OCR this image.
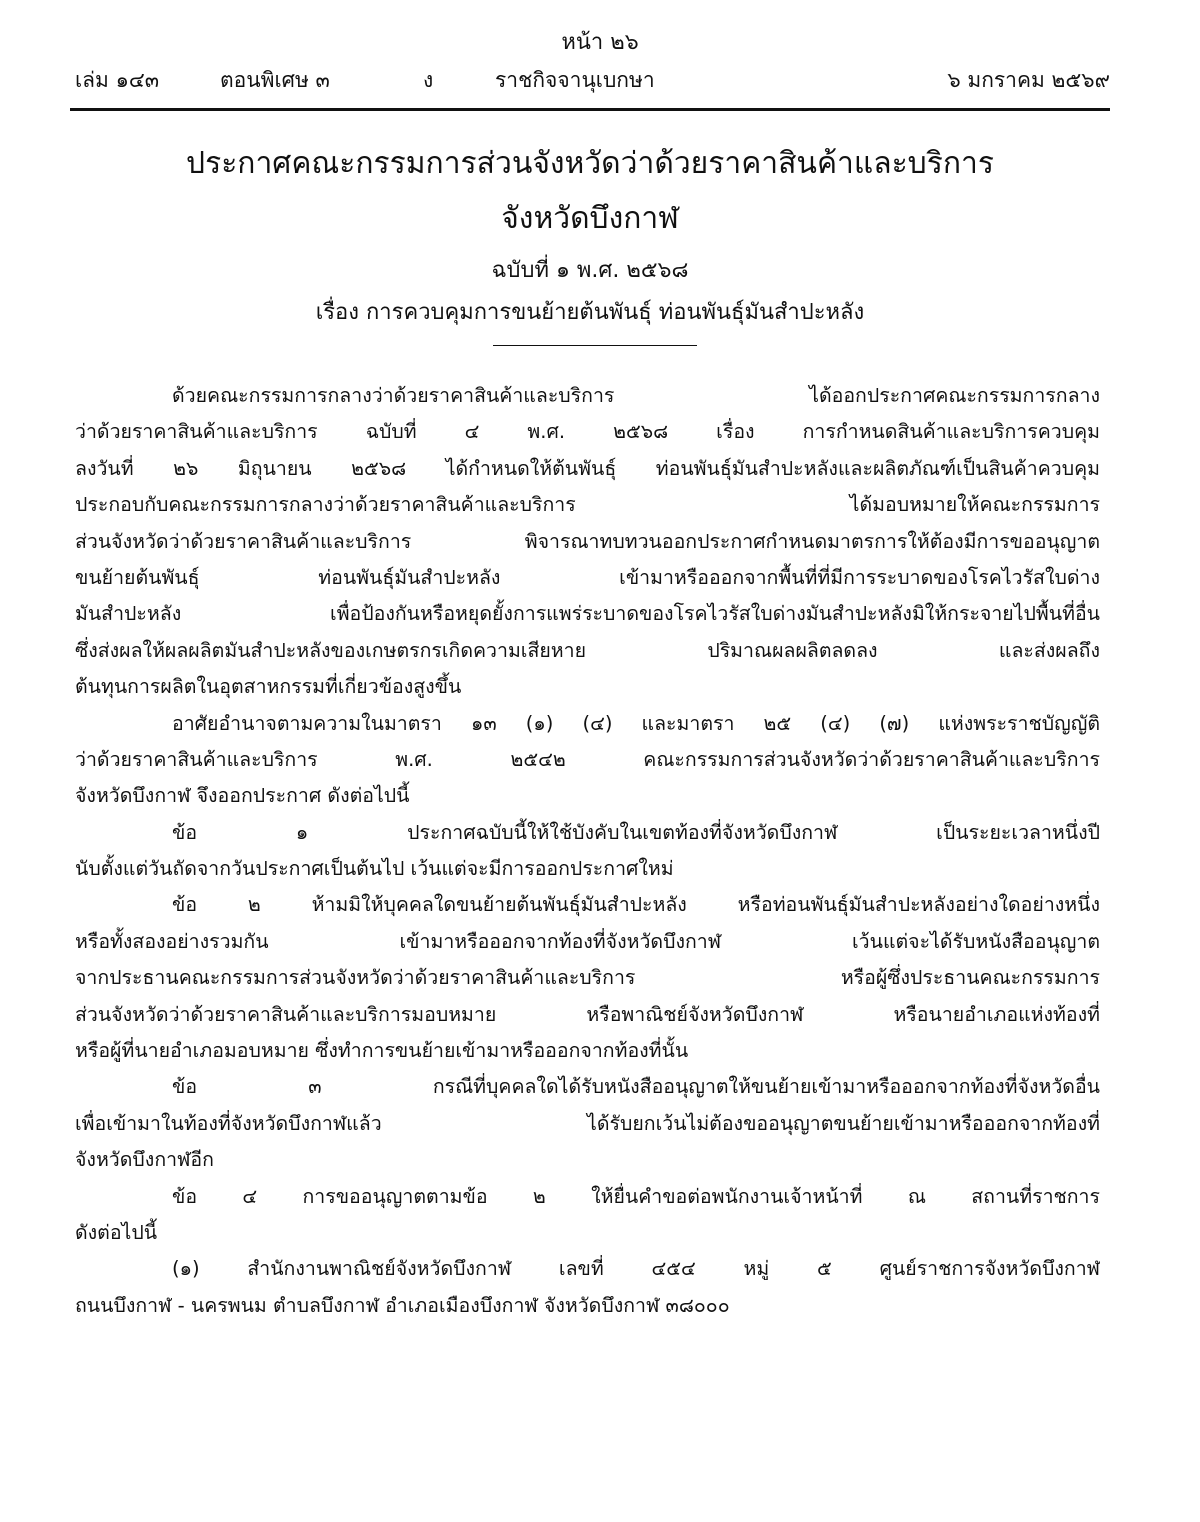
หน้า ๒๖
เล่ม ๑๔๓	ตอนพิเศษ ๓	ง	ราชกิจจานุเบกษา	๖ มกราคม ๒๕๖๙
ประกาศคณะกรรมการส่วนจังหวัดว่าด้วยราคาสินค้าและบริการ
จังหวัดบึงกาฬ
ฉบับที่ ๑ พ.ศ. ๒๕๖๘
เรื่อง การควบคุมการขนย้ายต้นพันธุ์ ท่อนพันธุ์มันสำปะหลัง
ด้วยคณะกรรมการกลางว่าด้วยราคาสินค้าและบริการ ได้ออกประกาศคณะกรรมการกลาง
ว่าด้วยราคาสินค้าและบริการ ฉบับที่ ๔ พ.ศ. ๒๕๖๘ เรื่อง การกำหนดสินค้าและบริการควบคุม
ลงวันที่ ๒๖ มิถุนายน ๒๕๖๘ ได้กำหนดให้ต้นพันธุ์ ท่อนพันธุ์มันสำปะหลังและผลิตภัณฑ์เป็นสินค้าควบคุม
ประกอบกับคณะกรรมการกลางว่าด้วยราคาสินค้าและบริการ ได้มอบหมายให้คณะกรรมการ
ส่วนจังหวัดว่าด้วยราคาสินค้าและบริการ พิจารณาทบทวนออกประกาศกำหนดมาตรการให้ต้องมีการขออนุญาต
ขนย้ายต้นพันธุ์ ท่อนพันธุ์มันสำปะหลัง เข้ามาหรือออกจากพื้นที่ที่มีการระบาดของโรคไวรัสใบด่าง
มันสำปะหลัง เพื่อป้องกันหรือหยุดยั้งการแพร่ระบาดของโรคไวรัสใบด่างมันสำปะหลังมิให้กระจายไปพื้นที่อื่น
ซึ่งส่งผลให้ผลผลิตมันสำปะหลังของเกษตรกรเกิดความเสียหาย ปริมาณผลผลิตลดลง และส่งผลถึง
ต้นทุนการผลิตในอุตสาหกรรมที่เกี่ยวข้องสูงขึ้น
อาศัยอำนาจตามความในมาตรา ๑๓ (๑) (๔) และมาตรา ๒๕ (๔) (๗) แห่งพระราชบัญญัติ
ว่าด้วยราคาสินค้าและบริการ พ.ศ. ๒๕๔๒ คณะกรรมการส่วนจังหวัดว่าด้วยราคาสินค้าและบริการ
จังหวัดบึงกาฬ จึงออกประกาศ ดังต่อไปนี้
ข้อ ๑ ประกาศฉบับนี้ให้ใช้บังคับในเขตท้องที่จังหวัดบึงกาฬ เป็นระยะเวลาหนึ่งปี
นับตั้งแต่วันถัดจากวันประกาศเป็นต้นไป เว้นแต่จะมีการออกประกาศใหม่
ข้อ ๒ ห้ามมิให้บุคคลใดขนย้ายต้นพันธุ์มันสำปะหลัง หรือท่อนพันธุ์มันสำปะหลังอย่างใดอย่างหนึ่ง
หรือทั้งสองอย่างรวมกัน เข้ามาหรือออกจากท้องที่จังหวัดบึงกาฬ เว้นแต่จะได้รับหนังสืออนุญาต
จากประธานคณะกรรมการส่วนจังหวัดว่าด้วยราคาสินค้าและบริการ หรือผู้ซึ่งประธานคณะกรรมการ
ส่วนจังหวัดว่าด้วยราคาสินค้าและบริการมอบหมาย หรือพาณิชย์จังหวัดบึงกาฬ หรือนายอำเภอแห่งท้องที่
หรือผู้ที่นายอำเภอมอบหมาย ซึ่งทำการขนย้ายเข้ามาหรือออกจากท้องที่นั้น
ข้อ ๓ กรณีที่บุคคลใดได้รับหนังสืออนุญาตให้ขนย้ายเข้ามาหรือออกจากท้องที่จังหวัดอื่น
เพื่อเข้ามาในท้องที่จังหวัดบึงกาฬแล้ว ได้รับยกเว้นไม่ต้องขออนุญาตขนย้ายเข้ามาหรือออกจากท้องที่
จังหวัดบึงกาฬอีก
ข้อ ๔ การขออนุญาตตามข้อ ๒ ให้ยื่นคำขอต่อพนักงานเจ้าหน้าที่ ณ สถานที่ราชการ
ดังต่อไปนี้
(๑) สำนักงานพาณิชย์จังหวัดบึงกาฬ เลขที่ ๔๕๔ หมู่ ๕ ศูนย์ราชการจังหวัดบึงกาฬ
ถนนบึงกาฬ - นครพนม ตำบลบึงกาฬ อำเภอเมืองบึงกาฬ จังหวัดบึงกาฬ ๓๘๐๐๐
